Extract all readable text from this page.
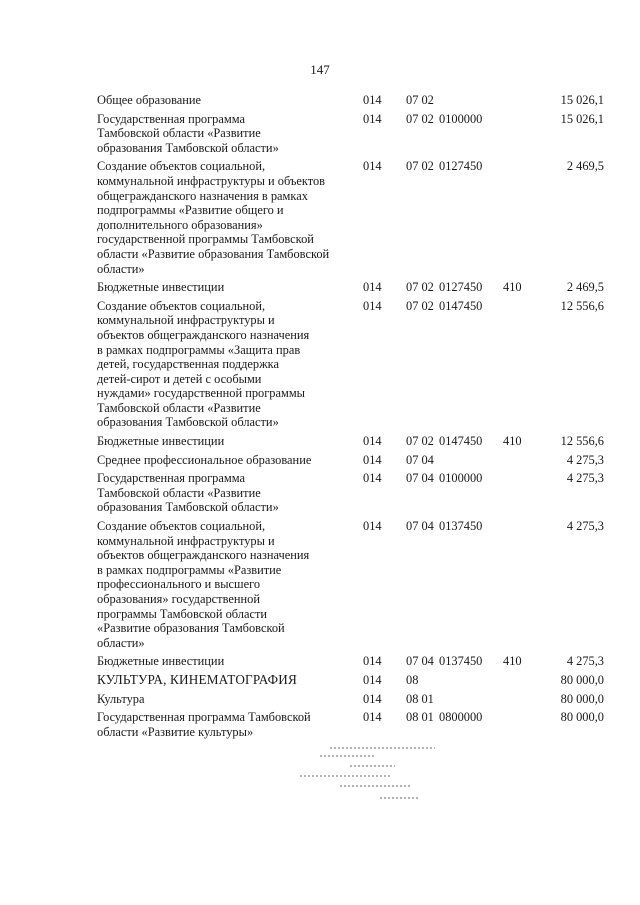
147
Общее образование	014 07 02	15 026,1
Государственная программа
Тамбовской области «Развитие
образования Тамбовской области»
014 07 02 0100000	15 026,1
Создание объектов социальной,
коммунальной инфраструктуры и объектов
общегражданского назначения в рамках
подпрограммы «Развитие общего и
дополнительного образования»
государственной программы Тамбовской
области «Развитие образования Тамбовской
области»
014 07 02 0127450	2 469,5
Бюджетные инвестиции	014 07 02 0127450 410	2 469,5
Создание объектов социальной,
коммунальной инфраструктуры и
объектов общегражданского назначения
в рамках подпрограммы «Защита прав
детей, государственная поддержка
детей-сирот и детей с особыми
нуждами» государственной программы
Тамбовской области «Развитие
образования Тамбовской области»
014 07 02 0147450	12 556,6
Бюджетные инвестиции	014 07 02 0147450 410	12 556,6
Среднее профессиональное образование	014 07 04	4 275,3
Государственная программа
Тамбовской области «Развитие
образования Тамбовской области»
014 07 04 0100000	4 275,3
Создание объектов социальной,
коммунальной инфраструктуры и
объектов общегражданского назначения
в рамках подпрограммы «Развитие
профессионального и высшего
образования» государственной
программы Тамбовской области
«Развитие образования Тамбовской
области»
014 07 04 0137450	4 275,3
Бюджетные инвестиции	014 07 04 0137450 410	4 275,3
КУЛЬТУРА, КИНЕМАТОГРАФИЯ	014 08	80 000,0
Культура	014 08 01	80 000,0
Государственная программа Тамбовской
области «Развитие культуры»
014 08 01 0800000	80 000,0
